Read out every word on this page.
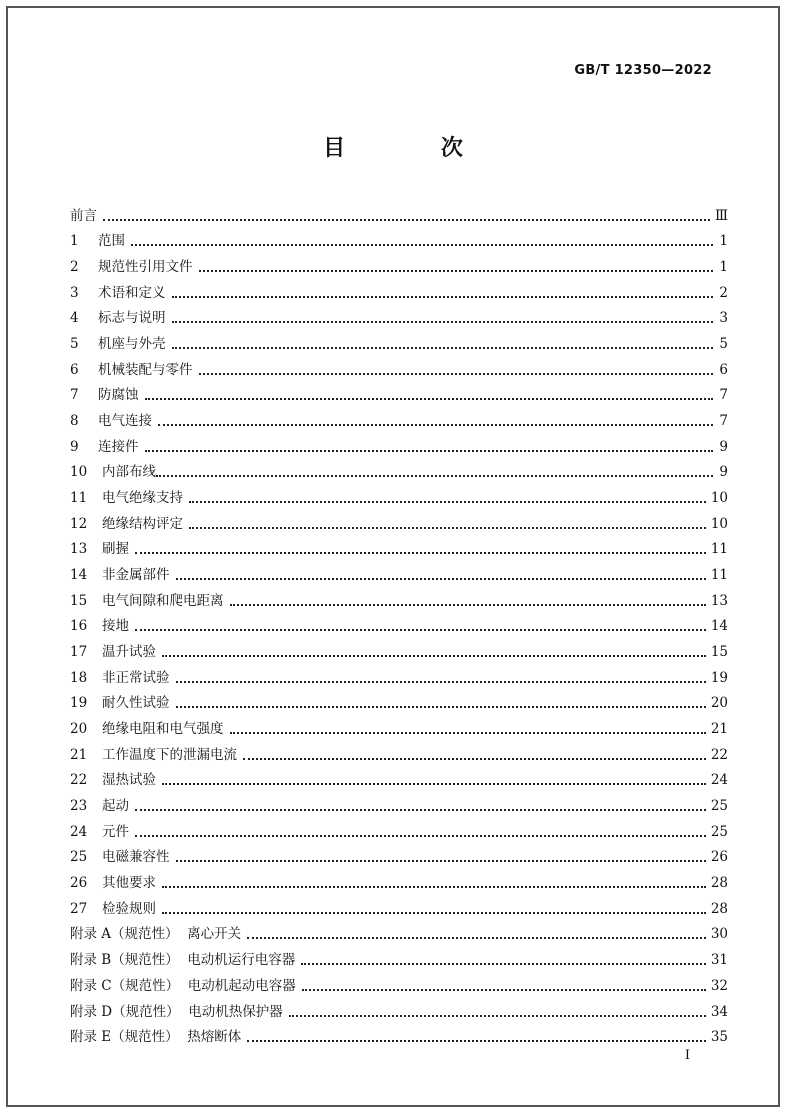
GB/T 12350—2022
目 次
前言	Ⅲ
1	范围	1
2	规范性引用文件	1
3	术语和定义	2
4	标志与说明	3
5	机座与外壳	5
6	机械装配与零件	6
7	防腐蚀	7
8	电气连接	7
9	连接件	9
10	内部布线	9
11	电气绝缘支持	10
12	绝缘结构评定	10
13	刷握	11
14	非金属部件	11
15	电气间隙和爬电距离	13
16	接地	14
17	温升试验	15
18	非正常试验	19
19	耐久性试验	20
20	绝缘电阻和电气强度	21
21	工作温度下的泄漏电流	22
22	湿热试验	24
23	起动	25
24	元件	25
25	电磁兼容性	26
26	其他要求	28
27	检验规则	28
附录 A（规范性）  离心开关	30
附录 B（规范性）  电动机运行电容器	31
附录 C（规范性）  电动机起动电容器	32
附录 D（规范性）  电动机热保护器	34
附录 E（规范性）  热熔断体	35
Ⅰ
